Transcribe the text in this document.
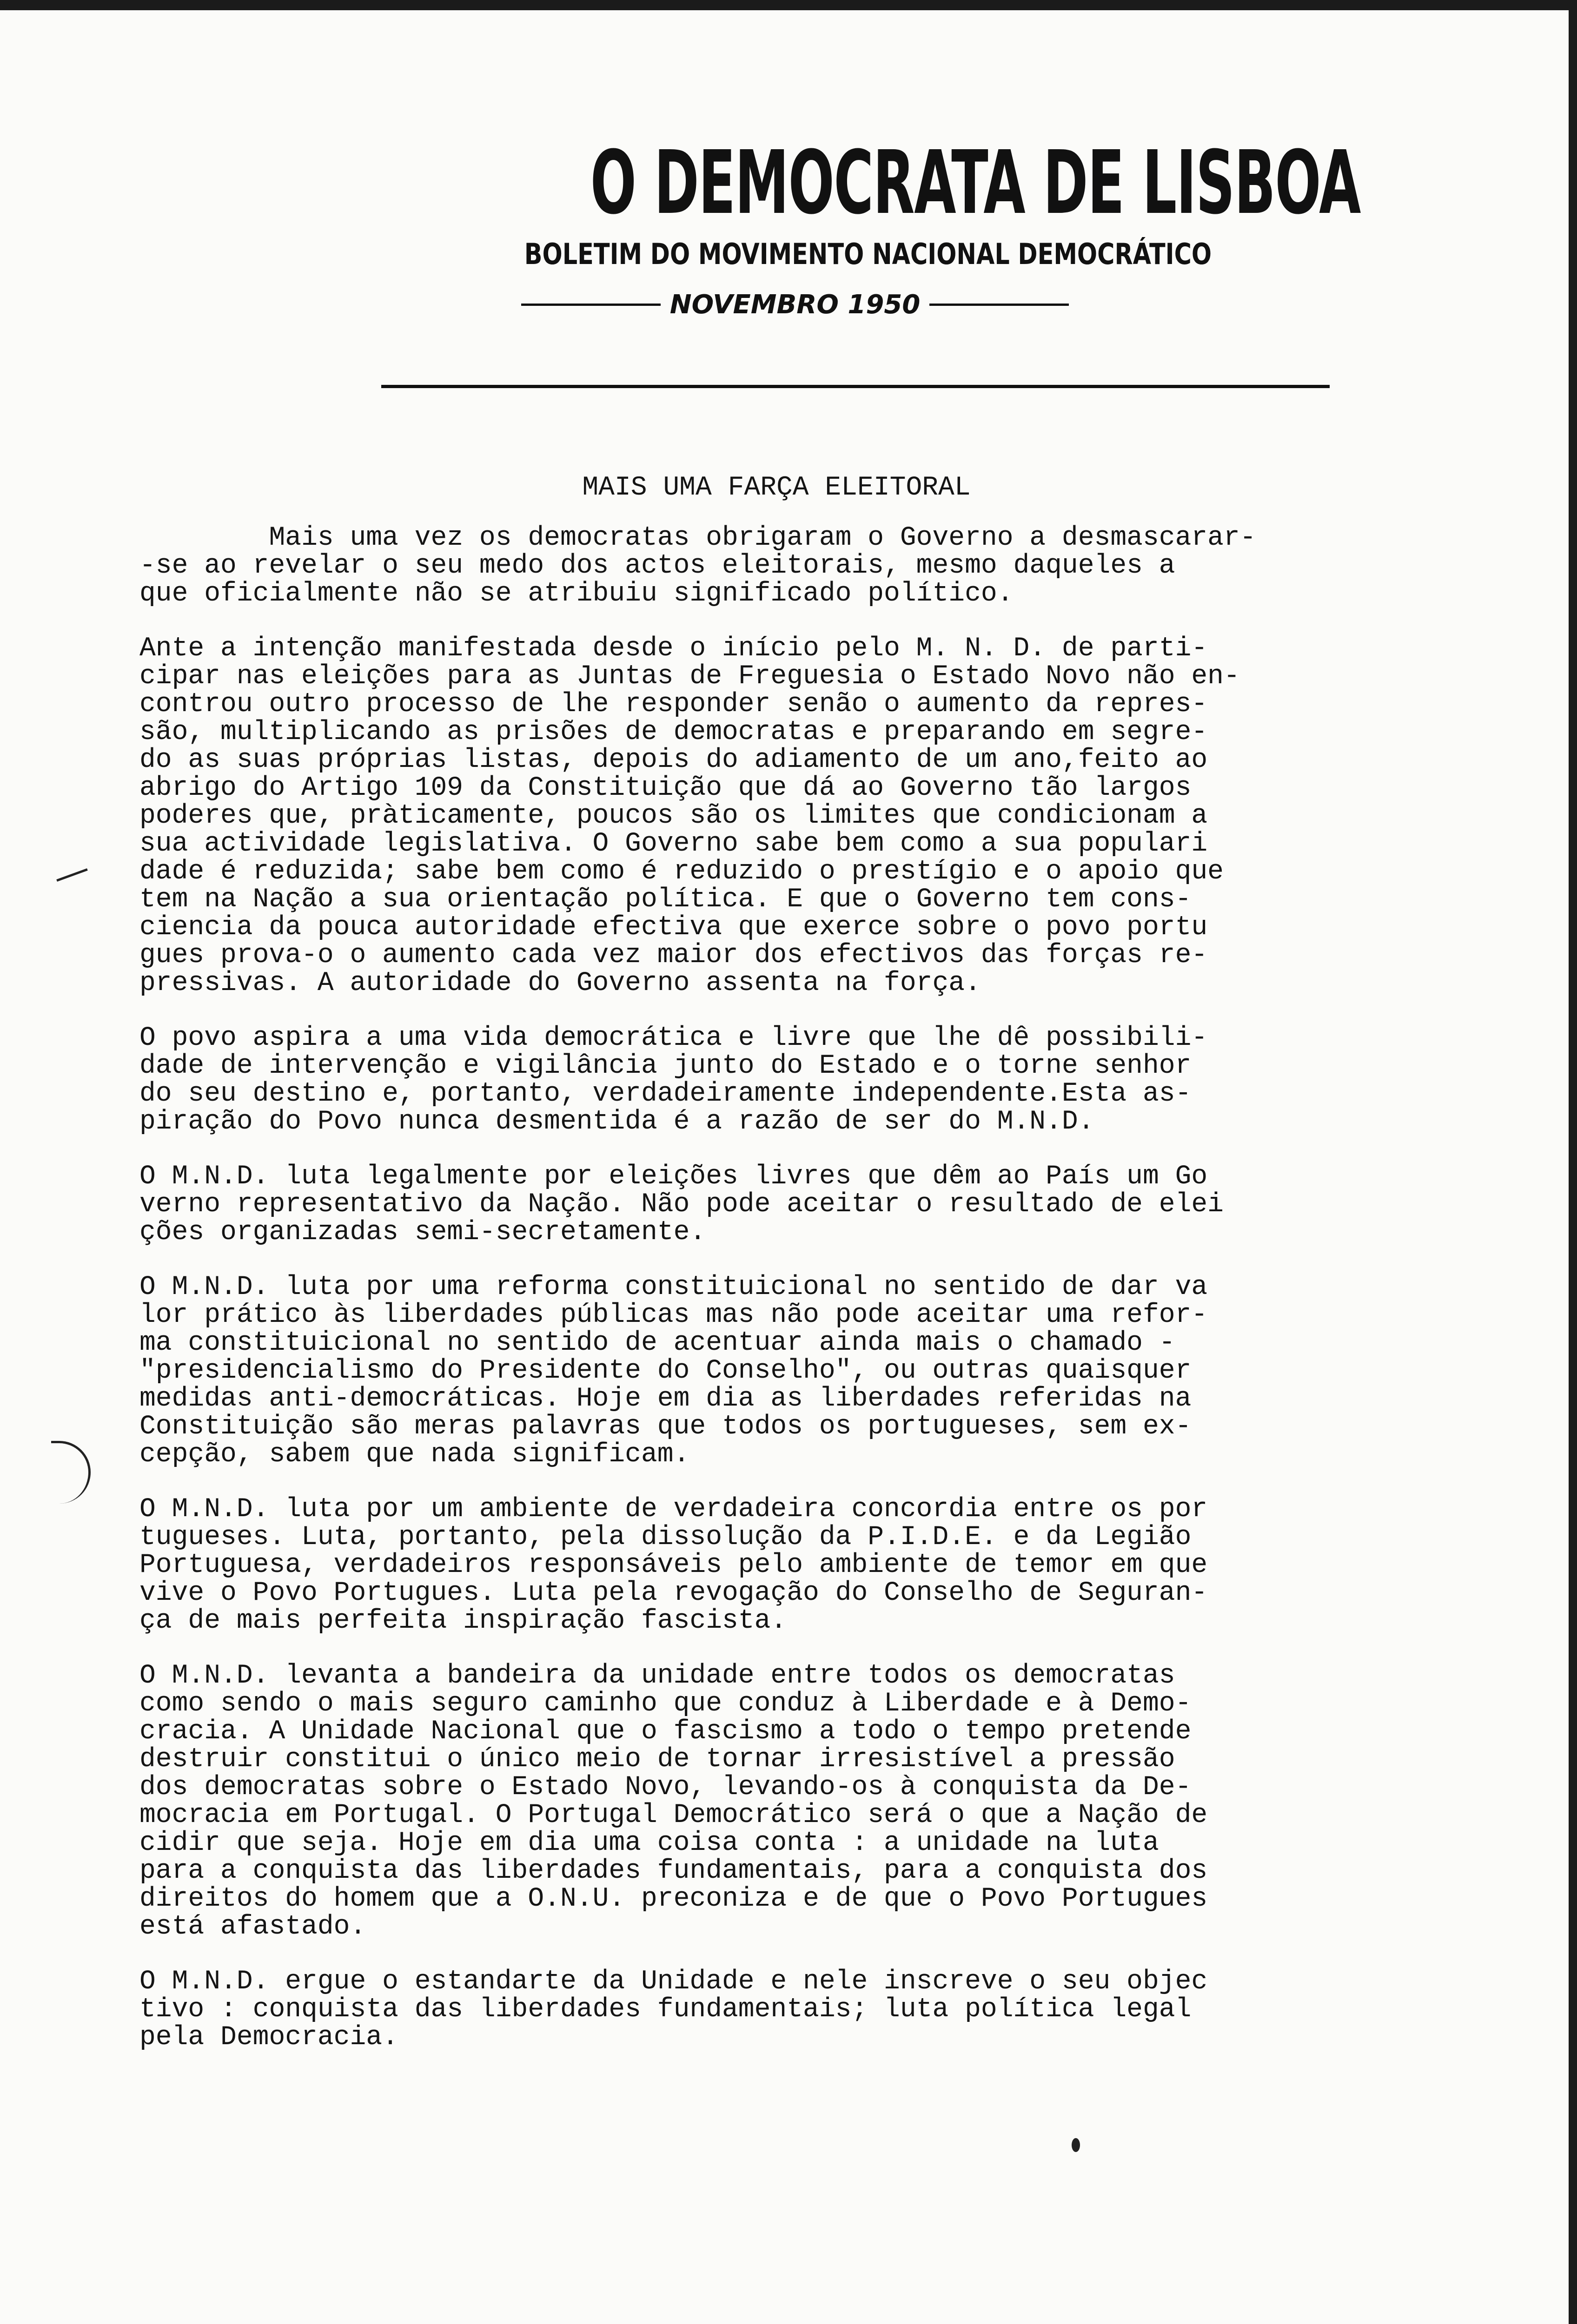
O DEMOCRATA DE LISBOA
BOLETIM DO MOVIMENTO NACIONAL DEMOCRÁTICO
NOVEMBRO 1950
MAIS UMA FARÇA ELEITORAL

Mais uma vez os democratas obrigaram o Governo a desmascarar-
-se ao revelar o seu medo dos actos eleitorais, mesmo daqueles a
que oficialmente não se atribuiu significado político.

Ante a intenção manifestada desde o início pelo M. N. D. de parti-
cipar nas eleições para as Juntas de Freguesia o Estado Novo não en-
controu outro processo de lhe responder senão o aumento da repres-
são, multiplicando as prisões de democratas e preparando em segre-
do as suas próprias listas, depois do adiamento de um ano,feito ao
abrigo do Artigo 109 da Constituição que dá ao Governo tão largos
poderes que, pràticamente, poucos são os limites que condicionam a
sua actividade legislativa. O Governo sabe bem como a sua populari
dade é reduzida; sabe bem como é reduzido o prestígio e o apoio que
tem na Nação a sua orientação política. E que o Governo tem cons-
ciencia da pouca autoridade efectiva que exerce sobre o povo portu
gues prova-o o aumento cada vez maior dos efectivos das forças re-
pressivas. A autoridade do Governo assenta na força.

O povo aspira a uma vida democrática e livre que lhe dê possibili-
dade de intervenção e vigilância junto do Estado e o torne senhor
do seu destino e, portanto, verdadeiramente independente.Esta as-
piração do Povo nunca desmentida é a razão de ser do M.N.D.

O M.N.D. luta legalmente por eleições livres que dêm ao País um Go
verno representativo da Nação. Não pode aceitar o resultado de elei
ções organizadas semi-secretamente.

O M.N.D. luta por uma reforma constituicional no sentido de dar va
lor prático às liberdades públicas mas não pode aceitar uma refor-
ma constituicional no sentido de acentuar ainda mais o chamado -
"presidencialismo do Presidente do Conselho", ou outras quaisquer
medidas anti-democráticas. Hoje em dia as liberdades referidas na
Constituição são meras palavras que todos os portugueses, sem ex-
cepção, sabem que nada significam.

O M.N.D. luta por um ambiente de verdadeira concordia entre os por
tugueses. Luta, portanto, pela dissolução da P.I.D.E. e da Legião
Portuguesa, verdadeiros responsáveis pelo ambiente de temor em que
vive o Povo Portugues. Luta pela revogação do Conselho de Seguran-
ça de mais perfeita inspiração fascista.

O M.N.D. levanta a bandeira da unidade entre todos os democratas
como sendo o mais seguro caminho que conduz à Liberdade e à Demo-
cracia. A Unidade Nacional que o fascismo a todo o tempo pretende
destruir constitui o único meio de tornar irresistível a pressão
dos democratas sobre o Estado Novo, levando-os à conquista da De-
mocracia em Portugal. O Portugal Democrático será o que a Nação de
cidir que seja. Hoje em dia uma coisa conta : a unidade na luta
para a conquista das liberdades fundamentais, para a conquista dos
direitos do homem que a O.N.U. preconiza e de que o Povo Portugues
está afastado.

O M.N.D. ergue o estandarte da Unidade e nele inscreve o seu objec
tivo : conquista das liberdades fundamentais; luta política legal
pela Democracia.
